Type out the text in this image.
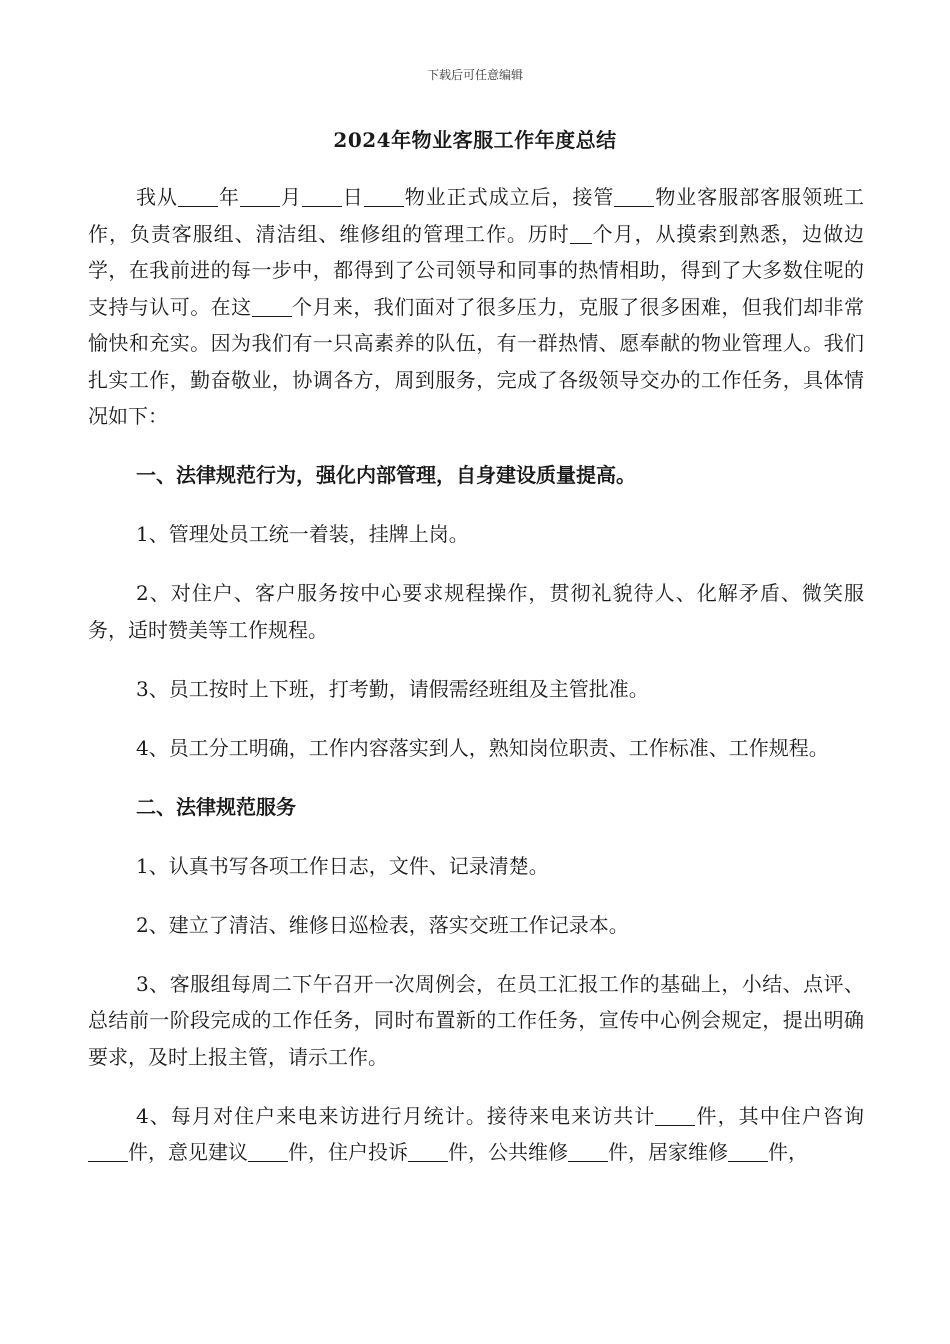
下载后可任意编辑
2024年物业客服工作年度总结

我从 年 月 日 物业正式成立后，接管 物业客服部客服领班工作，负责客服组、清洁组、维修组的管理工作。历时 个月，从摸索到熟悉，边做边学，在我前进的每一步中，都得到了公司领导和同事的热情相助，得到了大多数住呢的支持与认可。在这 个月来，我们面对了很多压力，克服了很多困难，但我们却非常愉快和充实。因为我们有一只高素养的队伍，有一群热情、愿奉献的物业管理人。我们扎实工作，勤奋敬业，协调各方，周到服务，完成了各级领导交办的工作任务，具体情况如下：

一、法律规范行为，强化内部管理，自身建设质量提高。

1、管理处员工统一着装，挂牌上岗。

2、对住户、客户服务按中心要求规程操作，贯彻礼貌待人、化解矛盾、微笑服务，适时赞美等工作规程。

3、员工按时上下班，打考勤，请假需经班组及主管批准。

4、员工分工明确，工作内容落实到人，熟知岗位职责、工作标准、工作规程。

二、法律规范服务

1、认真书写各项工作日志，文件、记录清楚。

2、建立了清洁、维修日巡检表，落实交班工作记录本。

3、客服组每周二下午召开一次周例会，在员工汇报工作的基础上，小结、点评、总结前一阶段完成的工作任务，同时布置新的工作任务，宣传中心例会规定，提出明确要求，及时上报主管，请示工作。

4、每月对住户来电来访进行月统计。接待来电来访共计 件，其中住户咨询件，意见建议 件，住户投诉 件，公共维修 件，居家维修 件，
